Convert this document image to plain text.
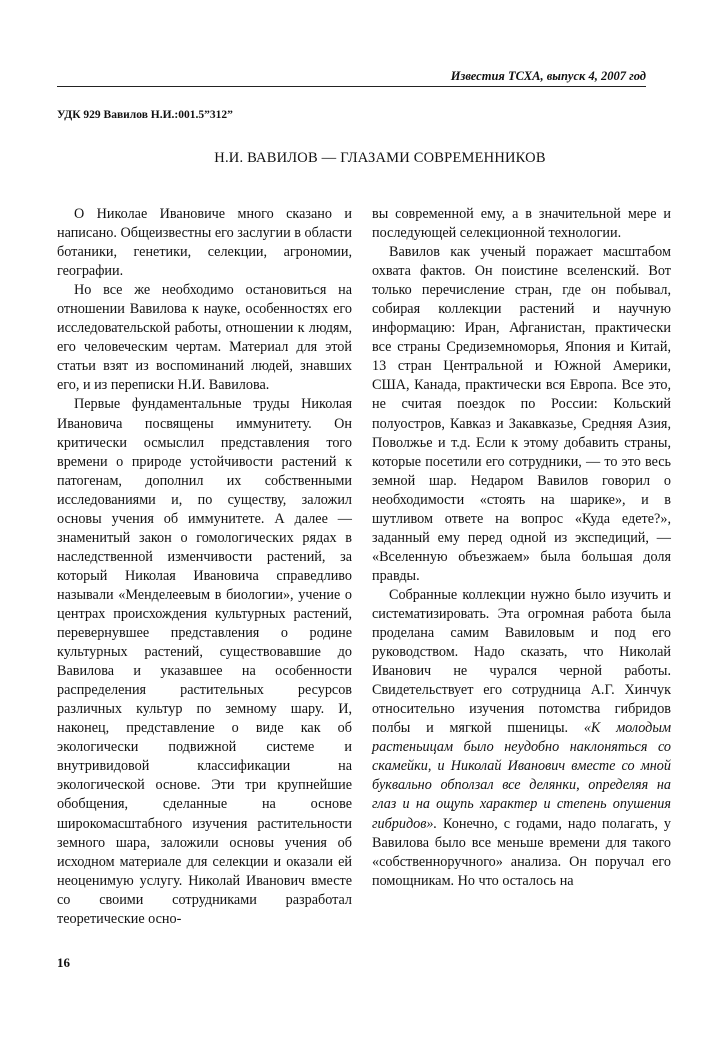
Известия ТСХА, выпуск 4, 2007 год
УДК 929 Вавилов Н.И.:001.5”312”
Н.И. ВАВИЛОВ — ГЛАЗАМИ СОВРЕМЕННИКОВ

О Николае Ивановиче много сказано и написано. Общеизвестны его заслугии в области ботаники, генетики, селекции, агрономии, географии.

Но все же необходимо остановиться на отношении Вавилова к науке, особенностях его исследовательской работы, отношении к людям, его человеческим чертам. Материал для этой статьи взят из воспоминаний людей, знавших его, и из переписки Н.И. Вавилова.

Первые фундаментальные труды Николая Ивановича посвящены иммунитету. Он критически осмыслил представления того времени о природе устойчивости растений к патогенам, дополнил их собственными исследованиями и, по существу, заложил основы учения об иммунитете. А далее — знаменитый закон о гомологических рядах в наследственной изменчивости растений, за который Николая Ивановича справедливо называли «Менделеевым в биологии», учение о центрах происхождения культурных растений, перевернувшее представления о родине культурных растений, существовавшие до Вавилова и указавшее на особенности распределения растительных ресурсов различных культур по земному шару. И, наконец, представление о виде как об экологически подвижной системе и внутривидовой классификации на экологической основе. Эти три крупнейшие обобщения, сделанные на основе широкомасштабного изучения растительности земного шара, заложили основы учения об исходном материале для селекции и оказали ей неоценимую услугу. Николай Иванович вместе со своими сотрудниками разработал теоретические осно-

вы современной ему, а в значительной мере и последующей селекционной технологии.

Вавилов как ученый поражает масштабом охвата фактов. Он поистине вселенский. Вот только перечисление стран, где он побывал, собирая коллекции растений и научную информацию: Иран, Афганистан, практически все страны Средиземноморья, Япония и Китай, 13 стран Центральной и Южной Америки, США, Канада, практически вся Европа. Все это, не считая поездок по России: Кольский полуостров, Кавказ и Закавказье, Средняя Азия, Поволжье и т.д. Если к этому добавить страны, которые посетили его сотрудники, — то это весь земной шар. Недаром Вавилов говорил о необходимости «стоять на шарике», и в шутливом ответе на вопрос «Куда едете?», заданный ему перед одной из экспедиций, — «Вселенную объезжаем» была большая доля правды.

Собранные коллекции нужно было изучить и систематизировать. Эта огромная работа была проделана самим Вавиловым и под его руководством. Надо сказать, что Николай Иванович не чурался черной работы. Свидетельствует его сотрудница А.Г. Хинчук относительно изучения потомства гибридов полбы и мягкой пшеницы. «К молодым растеньицам было неудобно наклоняться со скамейки, и Николай Иванович вместе со мной буквально обползал все делянки, определяя на глаз и на ощупь характер и степень опушения гибридов». Конечно, с годами, надо полагать, у Вавилова было все меньше времени для такого «собственноручного» анализа. Он поручал его помощникам. Но что осталось на

16
